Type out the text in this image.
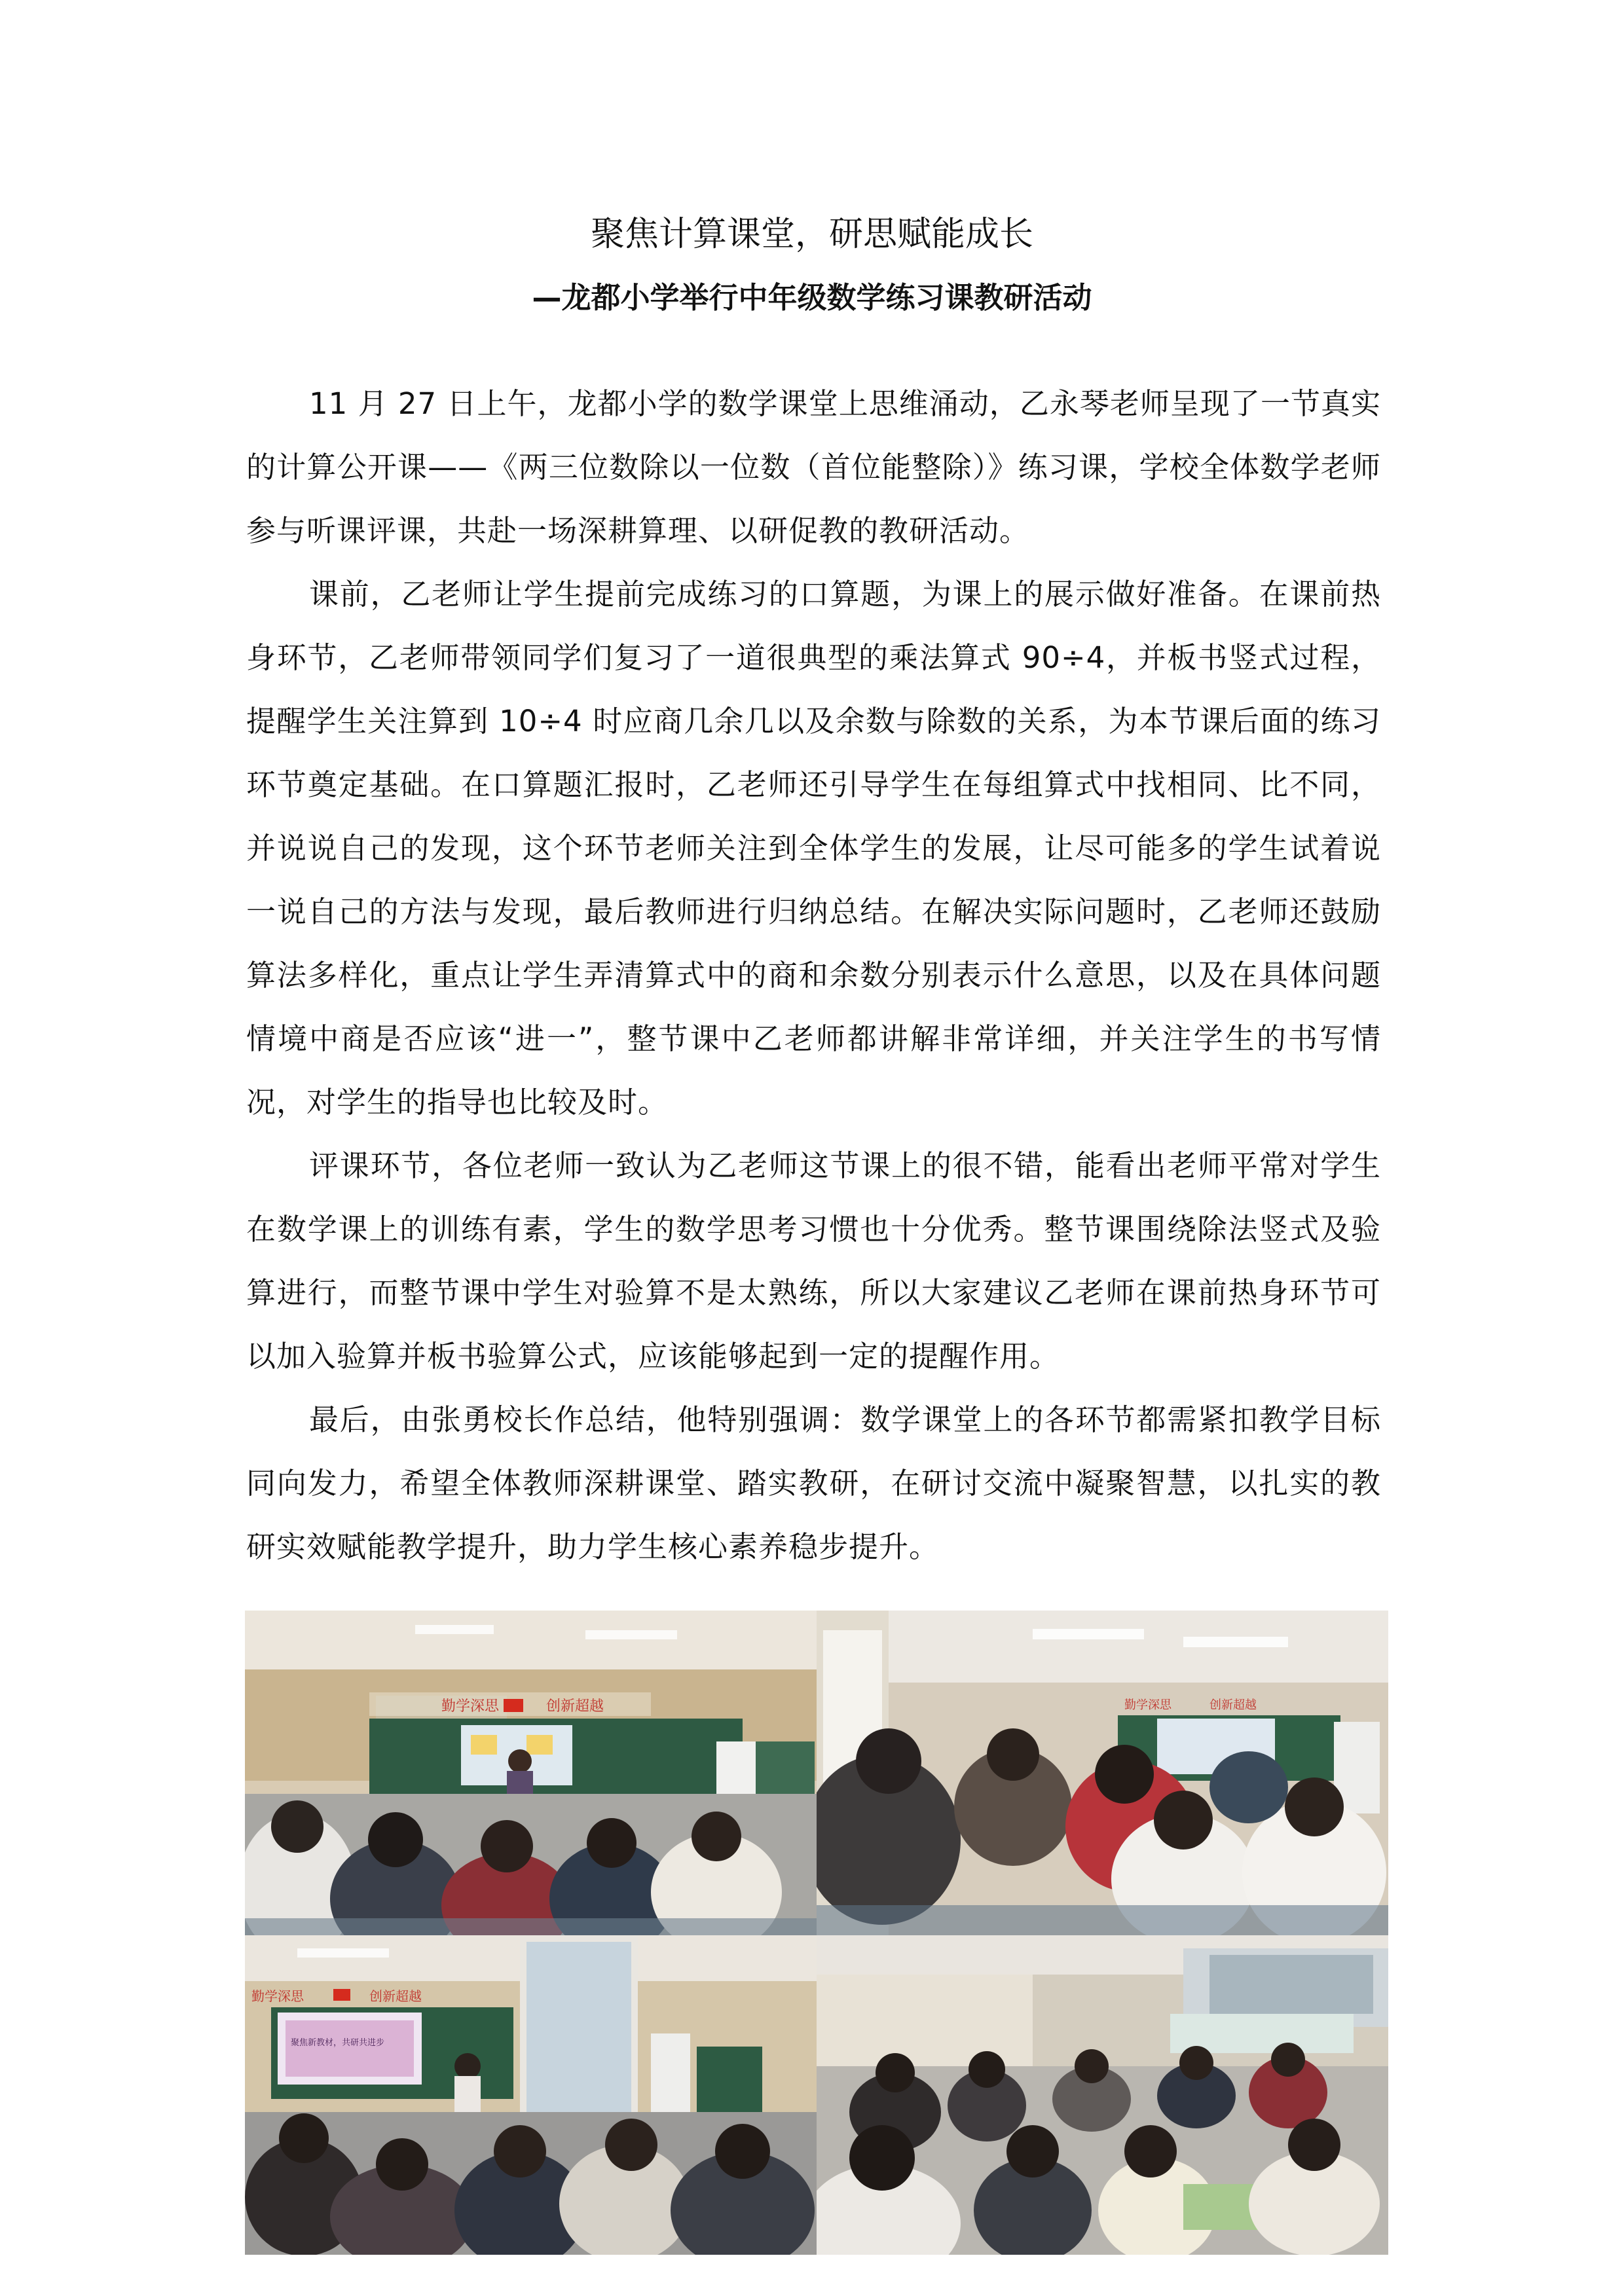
聚焦计算课堂，研思赋能成长
—龙都小学举行中年级数学练习课教研活动

11 月 27 日上午，龙都小学的数学课堂上思维涌动，乙永琴老师呈现了一节真实的计算公开课——《两三位数除以一位数（首位能整除）》练习课，学校全体数学老师参与听课评课，共赴一场深耕算理、以研促教的教研活动。

课前，乙老师让学生提前完成练习的口算题，为课上的展示做好准备。在课前热身环节，乙老师带领同学们复习了一道很典型的乘法算式 90÷4，并板书竖式过程，提醒学生关注算到 10÷4 时应商几余几以及余数与除数的关系，为本节课后面的练习环节奠定基础。在口算题汇报时，乙老师还引导学生在每组算式中找相同、比不同，并说说自己的发现，这个环节老师关注到全体学生的发展，让尽可能多的学生试着说一说自己的方法与发现，最后教师进行归纳总结。在解决实际问题时，乙老师还鼓励算法多样化，重点让学生弄清算式中的商和余数分别表示什么意思，以及在具体问题情境中商是否应该“进一”，整节课中乙老师都讲解非常详细，并关注学生的书写情况，对学生的指导也比较及时。

评课环节，各位老师一致认为乙老师这节课上的很不错，能看出老师平常对学生在数学课上的训练有素，学生的数学思考习惯也十分优秀。整节课围绕除法竖式及验算进行，而整节课中学生对验算不是太熟练，所以大家建议乙老师在课前热身环节可以加入验算并板书验算公式，应该能够起到一定的提醒作用。

最后，由张勇校长作总结，他特别强调：数学课堂上的各环节都需紧扣教学目标同向发力，希望全体教师深耕课堂、踏实教研，在研讨交流中凝聚智慧，以扎实的教研实效赋能教学提升，助力学生核心素养稳步提升。

勤学深思	创新超越	勤学深思	创新超越
勤学深思	创新超越
聚焦新教材，共研共进步
